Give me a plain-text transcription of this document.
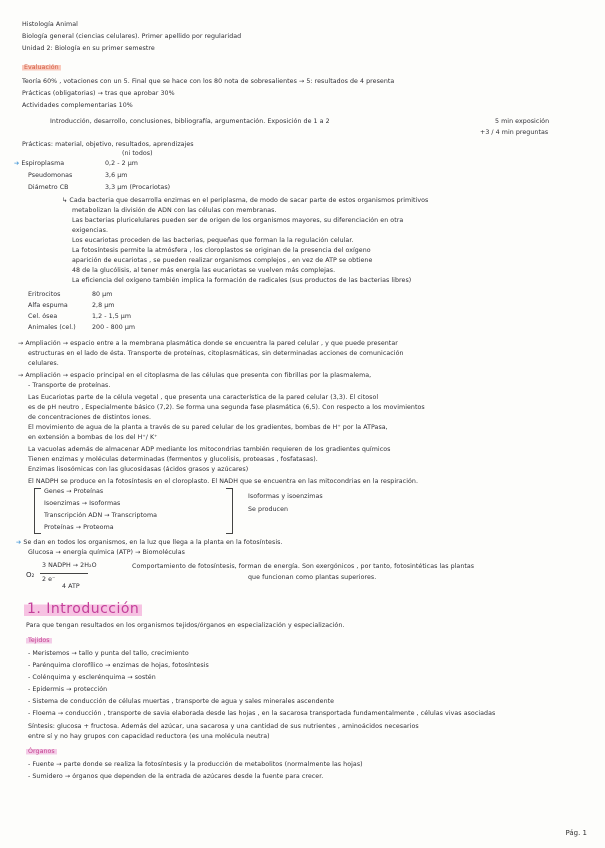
Histología Animal
Biología general (ciencias celulares). Primer apellido por regularidad
Unidad 2: Biología en su primer semestre
Evaluación
Teoría 60% , votaciones con un 5. Final que se hace con los 80 nota de sobresalientes → 5: resultados de 4 presenta
Prácticas (obligatorias) → tras que aprobar 30%
Actividades complementarias 10%
Introducción, desarrollo, conclusiones, bibliografía, argumentación. Exposición de 1 a 2	5 min exposición
+3 / 4 min preguntas
Prácticas: material, objetivo, resultados, aprendizajes
(ni todos)
➔ Espiroplasma	0,2 - 2 µm
Pseudomonas	3,6 µm
Diámetro CB	3,3 µm (Procariotas)
↳ Cada bacteria que desarrolla enzimas en el periplasma, de modo de sacar parte de estos organismos primitivos
metabolizan la división de ADN con las células con membranas.
Las bacterias pluricelulares pueden ser de origen de los organismos mayores, su diferenciación en otra
exigencias.
Los eucariotas proceden de las bacterias, pequeñas que forman la la regulación celular.
La fotosíntesis permite la atmósfera , los cloroplastos se originan de la presencia del oxígeno
aparición de eucariotas , se pueden realizar organismos complejos , en vez de ATP se obtiene
48 de la glucólisis, al tener más energía las eucariotas se vuelven más complejas.
La eficiencia del oxígeno también implica la formación de radicales (sus productos de las bacterias libres)
Eritrocitos	80 µm
Alfa espuma	2,8 µm
Cel. ósea	1,2 - 1,5 µm
Animales (cel.)	200 - 800 µm
→ Ampliación → espacio entre a la membrana plasmática donde se encuentra la pared celular , y que puede presentar
estructuras en el lado de ésta. Transporte de proteínas, citoplasmáticas, sin determinadas acciones de comunicación
celulares.
→ Ampliación → espacio principal en el citoplasma de las células que presenta con fibrillas por la plasmalema,
- Transporte de proteínas.
Las Eucariotas parte de la célula vegetal , que presenta una característica de la pared celular (3,3). El citosol
es de pH neutro , Especialmente básico (7,2). Se forma una segunda fase plasmática (6,5). Con respecto a los movimientos
de concentraciones de distintos iones.
El movimiento de agua de la planta a través de su pared celular de los gradientes, bombas de H⁺ por la ATPasa,
en extensión a bombas de los del H⁺/ K⁺
La vacuolas además de almacenar ADP mediante los mitocondrias también requieren de los gradientes químicos
Tienen enzimas y moléculas determinadas (fermentos y glucolisis, proteasas , fosfatasas).
Enzimas lisosómicas con las glucosidasas (ácidos grasos y azúcares)
El NADPH se produce en la fotosíntesis en el cloroplasto. El NADH que se encuentra en las mitocondrias en la respiración.
Genes → Proteínas
Isoenzimas → Isoformas
Transcripción ADN → Transcriptoma
Proteínas → Proteoma
Isoformas y isoenzimas
Se producen
➔ Se dan en todos los organismos, en la luz que llega a la planta en la fotosíntesis.
Glucosa → energía química (ATP) → Biomoléculas
O₂
3 NADPH → 2H₂O
2 e⁻
4 ATP
Comportamiento de fotosíntesis, forman de energía. Son exergónicos , por tanto, fotosintéticas las plantas
que funcionan como plantas superiores.
1. Introducción
Para que tengan resultados en los organismos tejidos/órganos en especialización y especialización.
Tejidos
- Meristemos → tallo y punta del tallo, crecimiento
- Parénquima clorofílico → enzimas de hojas, fotosíntesis
- Colénquima y esclerénquima → sostén
- Epidermis → protección
- Sistema de conducción de células muertas , transporte de agua y sales minerales ascendente
- Floema → conducción , transporte de savia elaborada desde las hojas , en la sacarosa transportada fundamentalmente , células vivas asociadas
Síntesis: glucosa + fructosa. Además del azúcar, una sacarosa y una cantidad de sus nutrientes , aminoácidos necesarios
entre sí y no hay grupos con capacidad reductora (es una molécula neutra)
Órganos
- Fuente → parte donde se realiza la fotosíntesis y la producción de metabolitos (normalmente las hojas)
- Sumidero → órganos que dependen de la entrada de azúcares desde la fuente para crecer.
Pág. 1
